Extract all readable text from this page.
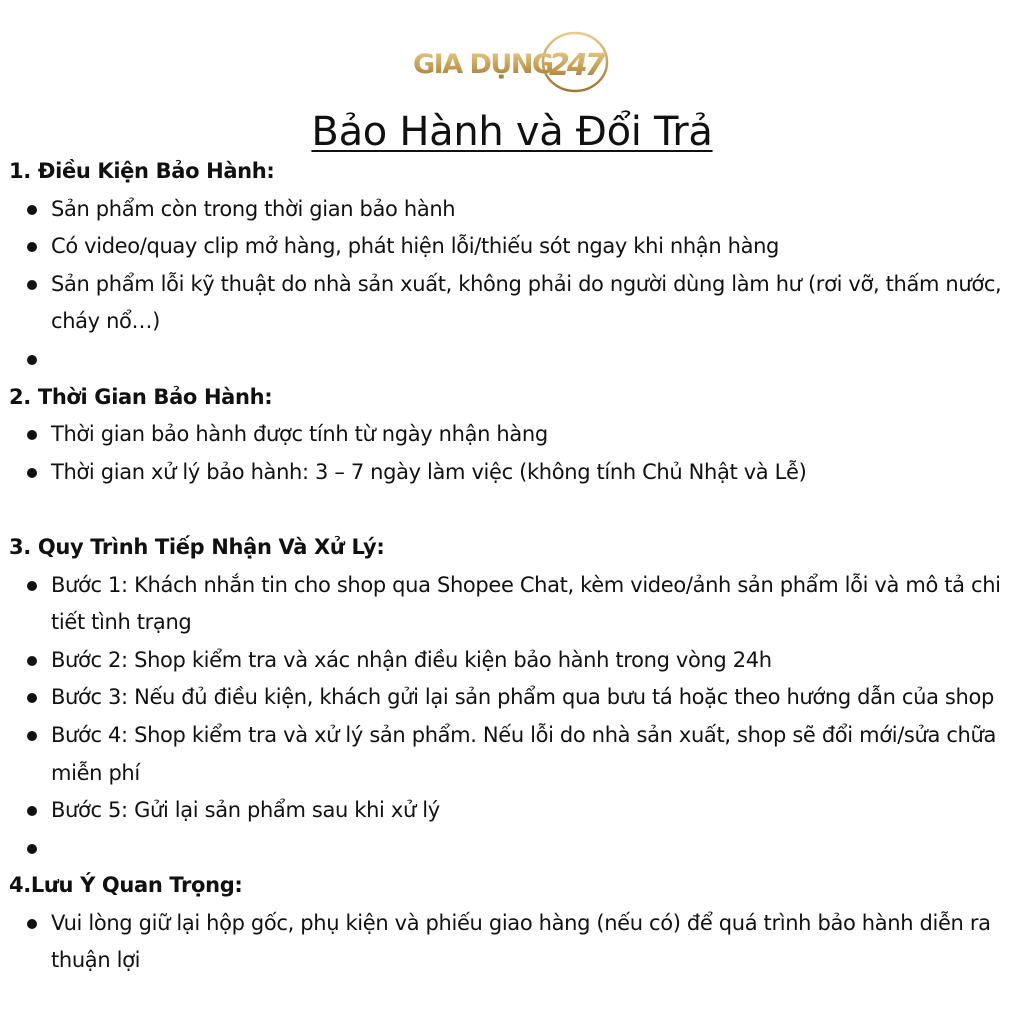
GIA DỤNG
247
Bảo Hành và Đổi Trả

1. Điều Kiện Bảo Hành:

Sản phẩm còn trong thời gian bảo hành
Có video/quay clip mở hàng, phát hiện lỗi/thiếu sót ngay khi nhận hàng
Sản phẩm lỗi kỹ thuật do nhà sản xuất, không phải do người dùng làm hư (rơi vỡ, thấm nước, cháy nổ…)

2. Thời Gian Bảo Hành:

Thời gian bảo hành được tính từ ngày nhận hàng
Thời gian xử lý bảo hành: 3 – 7 ngày làm việc (không tính Chủ Nhật và Lễ)

3. Quy Trình Tiếp Nhận Và Xử Lý:

Bước 1: Khách nhắn tin cho shop qua Shopee Chat, kèm video/ảnh sản phẩm lỗi và mô tả chi tiết tình trạng
Bước 2: Shop kiểm tra và xác nhận điều kiện bảo hành trong vòng 24h
Bước 3: Nếu đủ điều kiện, khách gửi lại sản phẩm qua bưu tá hoặc theo hướng dẫn của shop
Bước 4: Shop kiểm tra và xử lý sản phẩm. Nếu lỗi do nhà sản xuất, shop sẽ đổi mới/sửa chữa miễn phí
Bước 5: Gửi lại sản phẩm sau khi xử lý

4.Lưu Ý Quan Trọng:

Vui lòng giữ lại hộp gốc, phụ kiện và phiếu giao hàng (nếu có) để quá trình bảo hành diễn ra thuận lợi
